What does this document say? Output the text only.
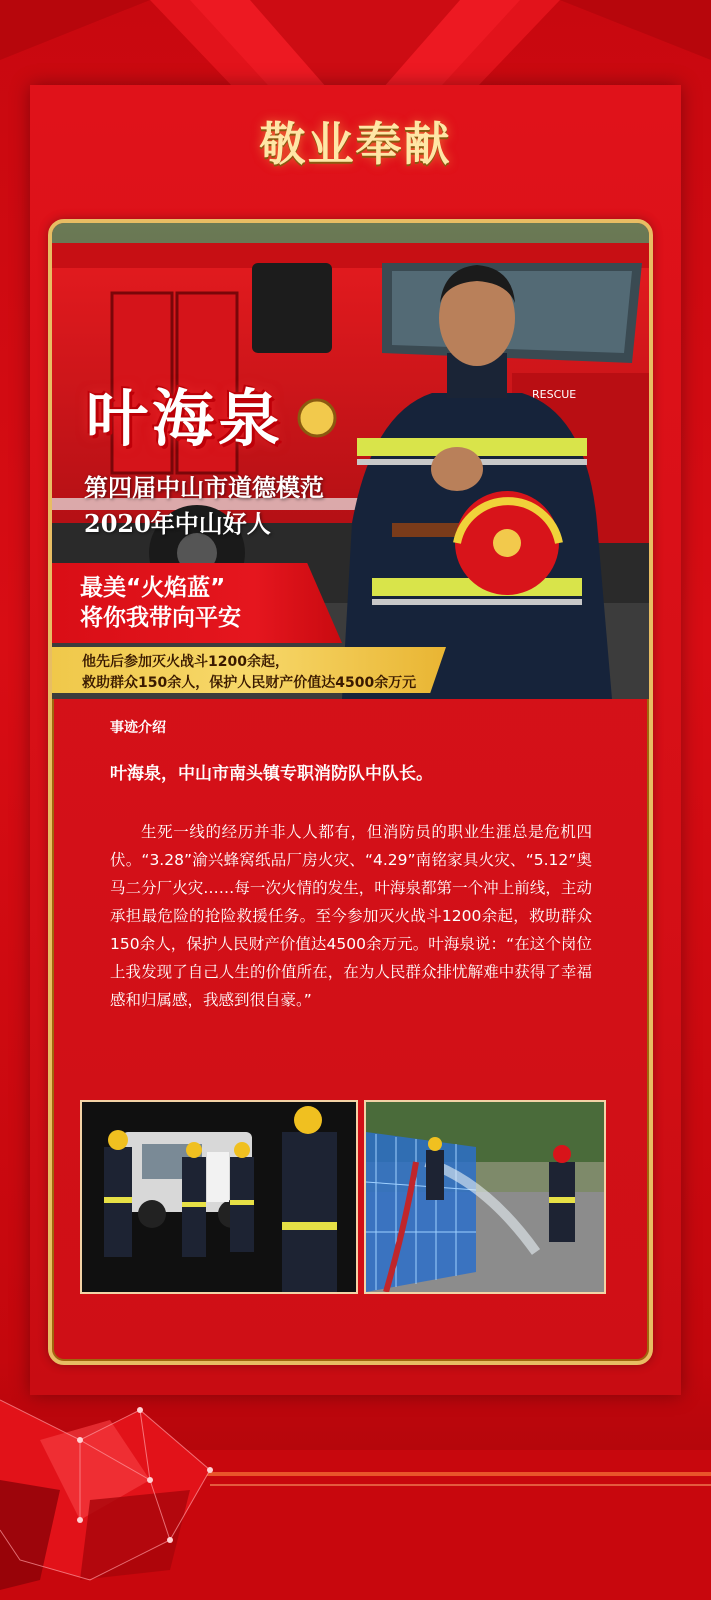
敬业奉献
RESCUE
叶海泉
第四届中山市道德模范
2020年中山好人
最美“火焰蓝”
将你我带向平安
他先后参加灭火战斗1200余起，
救助群众150余人，保护人民财产价值达4500余万元

事迹介绍

叶海泉，中山市南头镇专职消防队中队长。

生死一线的经历并非人人都有，但消防员的职业生涯总是危机四伏。“3.28”渝兴蜂窝纸品厂房火灾、“4.29”南铭家具火灾、“5.12”奥马二分厂火灾……每一次火情的发生，叶海泉都第一个冲上前线，主动承担最危险的抢险救援任务。至今参加灭火战斗1200余起，救助群众150余人，保护人民财产价值达4500余万元。叶海泉说：“在这个岗位上我发现了自己人生的价值所在，在为人民群众排忧解难中获得了幸福感和归属感，我感到很自豪。”
